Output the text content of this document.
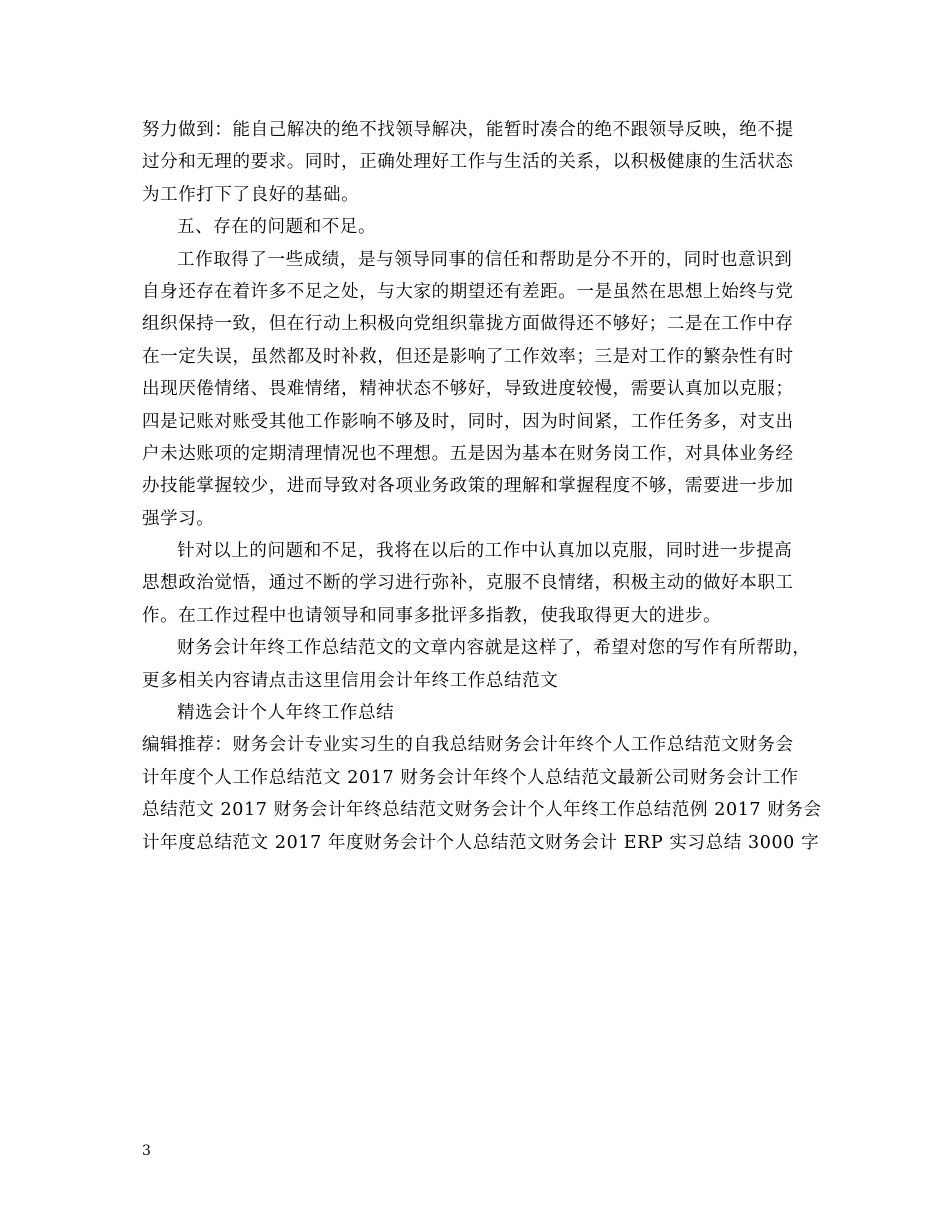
努力做到：能自己解决的绝不找领导解决，能暂时凑合的绝不跟领导反映，绝不提
过分和无理的要求。同时，正确处理好工作与生活的关系，以积极健康的生活状态
为工作打下了良好的基础。
五、存在的问题和不足。
工作取得了一些成绩，是与领导同事的信任和帮助是分不开的，同时也意识到
自身还存在着许多不足之处，与大家的期望还有差距。一是虽然在思想上始终与党
组织保持一致，但在行动上积极向党组织靠拢方面做得还不够好；二是在工作中存
在一定失误，虽然都及时补救，但还是影响了工作效率；三是对工作的繁杂性有时
出现厌倦情绪、畏难情绪，精神状态不够好，导致进度较慢，需要认真加以克服；
四是记账对账受其他工作影响不够及时，同时，因为时间紧，工作任务多，对支出
户未达账项的定期清理情况也不理想。五是因为基本在财务岗工作，对具体业务经
办技能掌握较少，进而导致对各项业务政策的理解和掌握程度不够，需要进一步加
强学习。
针对以上的问题和不足，我将在以后的工作中认真加以克服，同时进一步提高
思想政治觉悟，通过不断的学习进行弥补，克服不良情绪，积极主动的做好本职工
作。在工作过程中也请领导和同事多批评多指教，使我取得更大的进步。
财务会计年终工作总结范文的文章内容就是这样了，希望对您的写作有所帮助，
更多相关内容请点击这里信用会计年终工作总结范文
精选会计个人年终工作总结
编辑推荐：财务会计专业实习生的自我总结财务会计年终个人工作总结范文财务会
计年度个人工作总结范文 2017 财务会计年终个人总结范文最新公司财务会计工作
总结范文 2017 财务会计年终总结范文财务会计个人年终工作总结范例 2017 财务会
计年度总结范文 2017 年度财务会计个人总结范文财务会计 ERP 实习总结 3000 字
3
